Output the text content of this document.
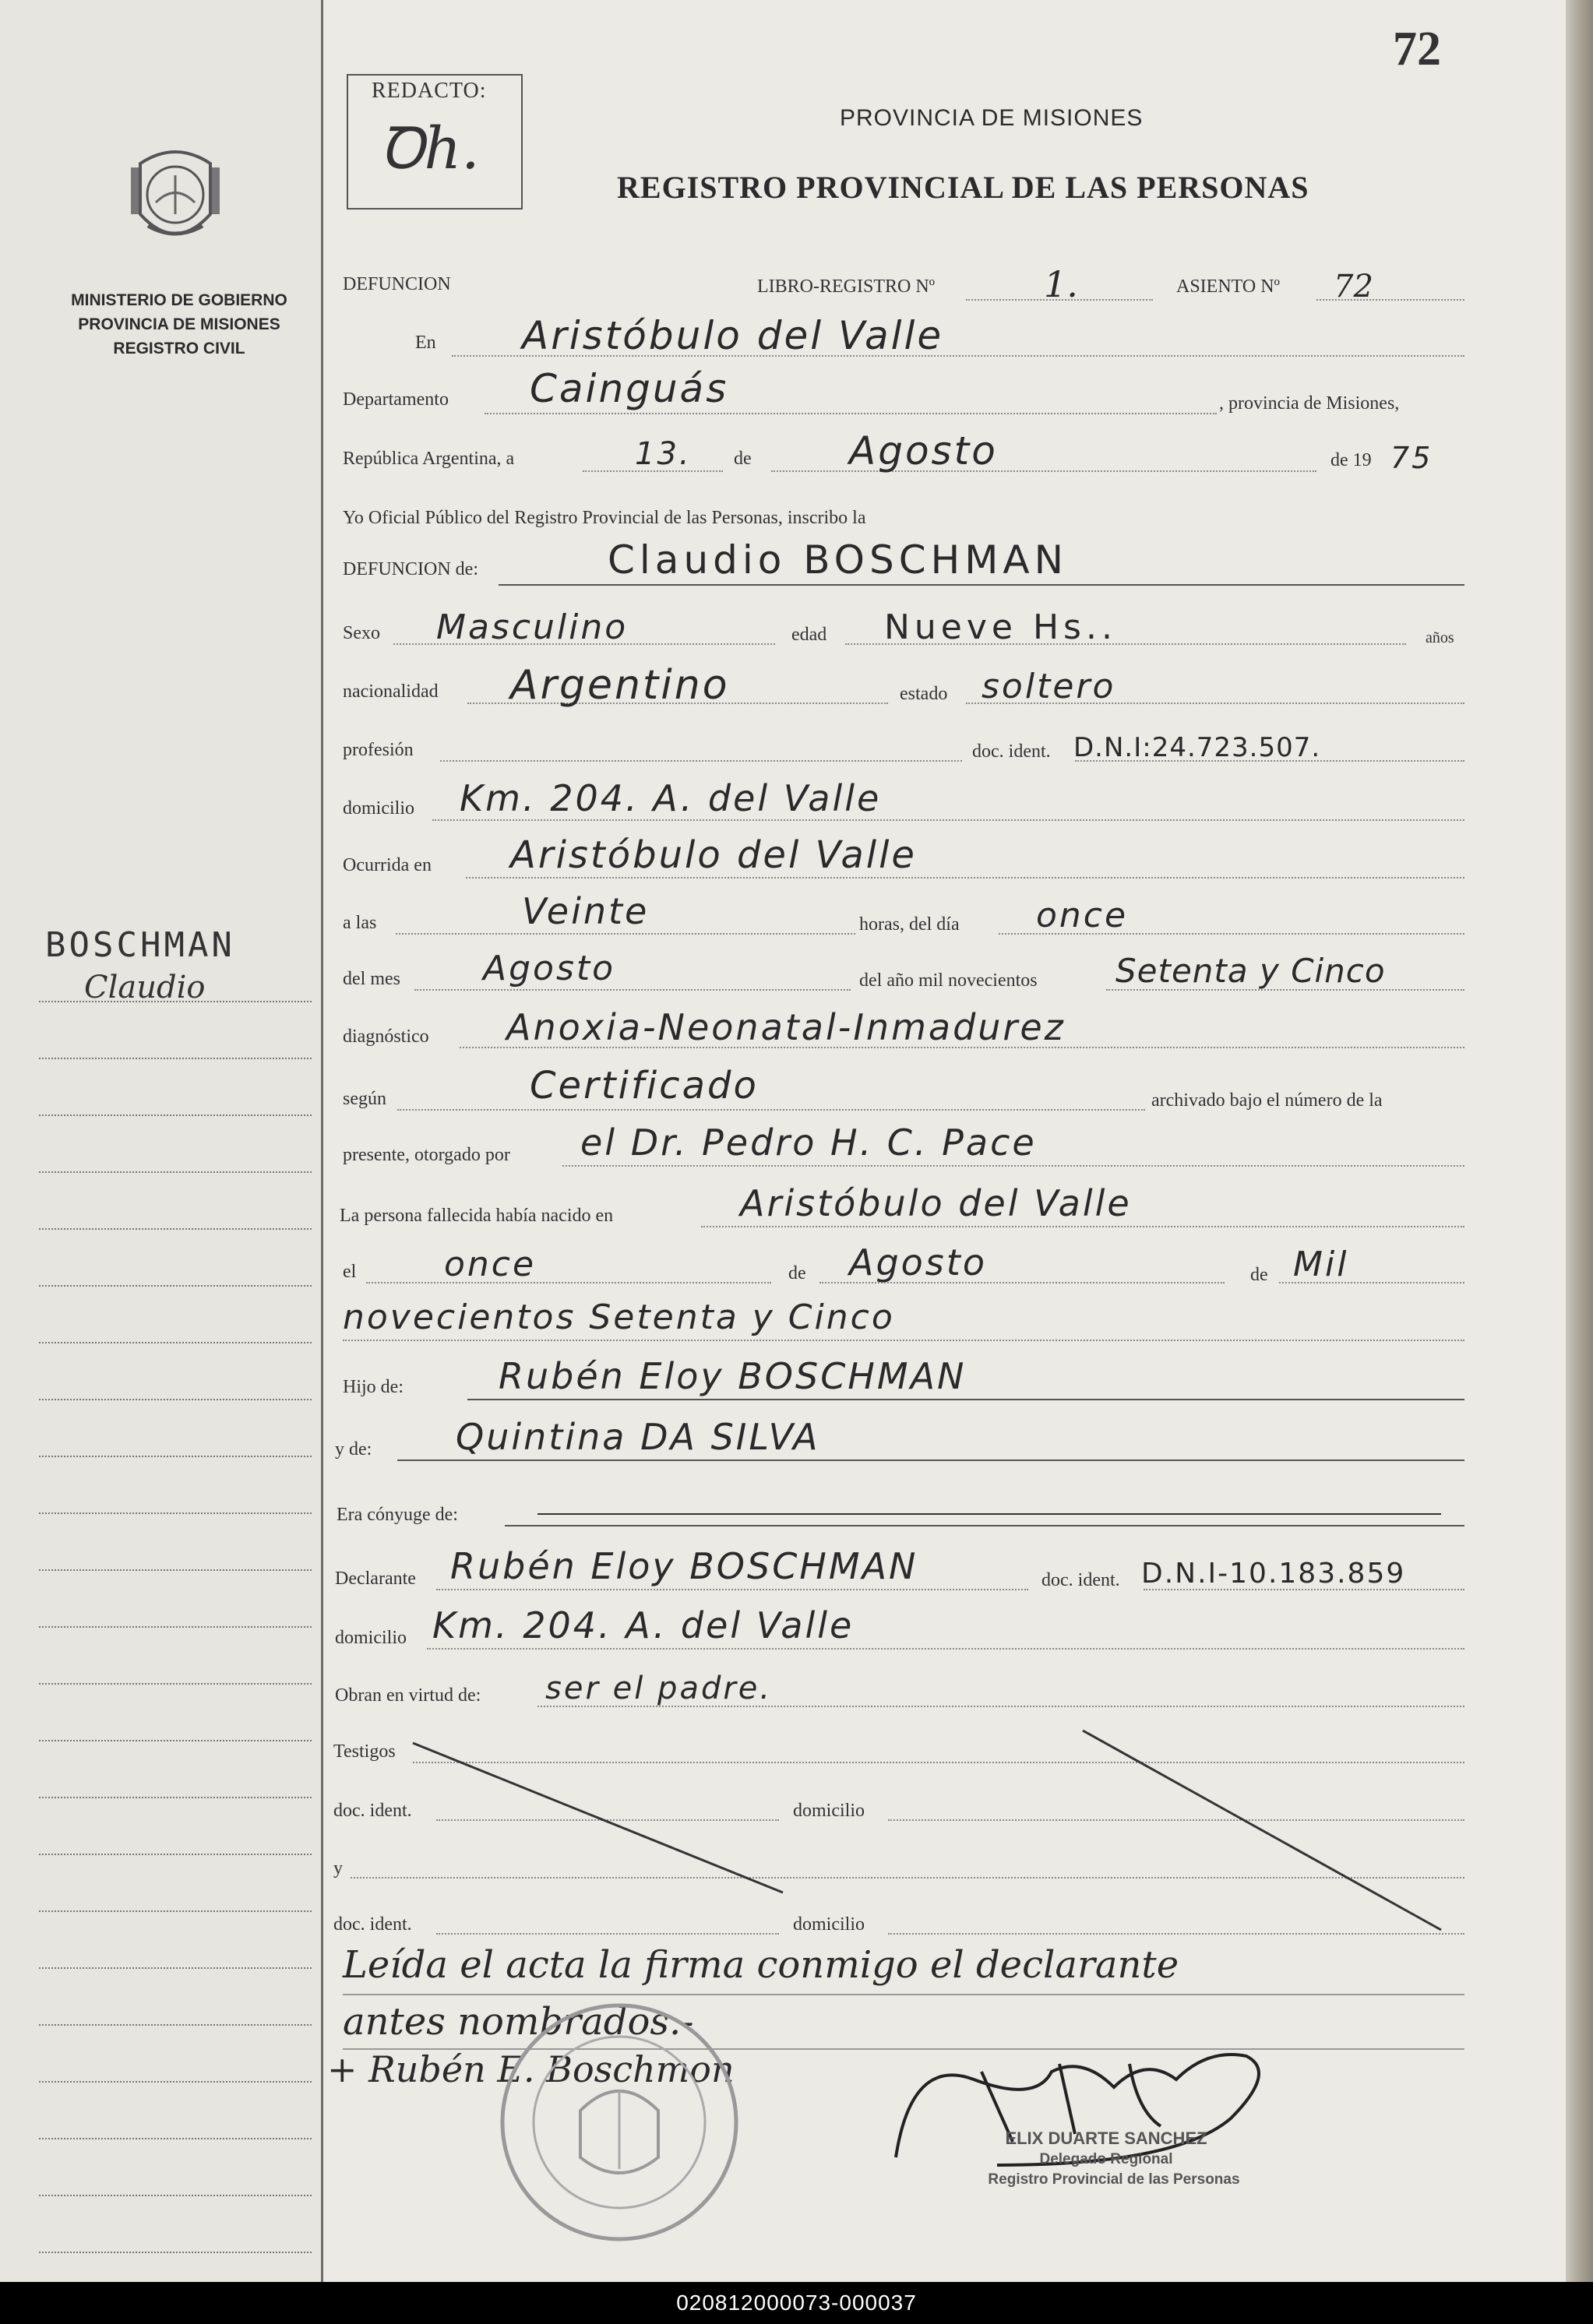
72
REDACTO:
Ꝺh.	PROVINCIA DE MISIONES
REGISTRO PROVINCIAL DE LAS PERSONAS
MINISTERIO DE GOBIERNO
PROVINCIA DE MISIONES
REGISTRO CIVIL
BOSCHMAN
Claudio
DEFUNCION	LIBRO-REGISTRO Nº	1.	ASIENTO Nº 72
En Aristóbulo del Valle
Departamento Cainguás	, provincia de Misiones,
República Argentina, a	13. de	Agosto	de 19 75
Yo Oficial Público del Registro Provincial de las Personas, inscribo la
DEFUNCION de:	Claudio BOSCHMAN
Sexo Masculino	edad Nueve Hs..	años
nacionalidad Argentino	estado soltero
profesión	doc. ident. D.N.I:24.723.507.
domicilio Km. 204. A. del Valle
Ocurrida en Aristóbulo del Valle
a las	Veinte	horas, del día once
del mes Agosto	del año mil novecientos Setenta y Cinco
diagnóstico Anoxia-Neonatal-Inmadurez
según	Certificado	archivado bajo el número de la
presente, otorgado por el Dr. Pedro H. C. Pace
La persona fallecida había nacido en	Aristóbulo del Valle
el	once	de Agosto	de Mil
novecientos Setenta y Cinco
Hijo de:	Rubén Eloy BOSCHMAN
y de: Quintina DA SILVA
Era cónyuge de:
Declarante Rubén Eloy BOSCHMAN	doc. ident. D.N.I-10.183.859
domicilio Km. 204. A. del Valle
Obran en virtud de: ser el padre.
Testigos
doc. ident.	domicilio
y
doc. ident.	domicilio
Leída el acta la firma conmigo el declarante
antes nombrados.-
+ Rubén E. Boschmon
ELIX DUARTE SANCHEZ
Delegado Regional
Registro Provincial de las Personas
020812000073-000037
